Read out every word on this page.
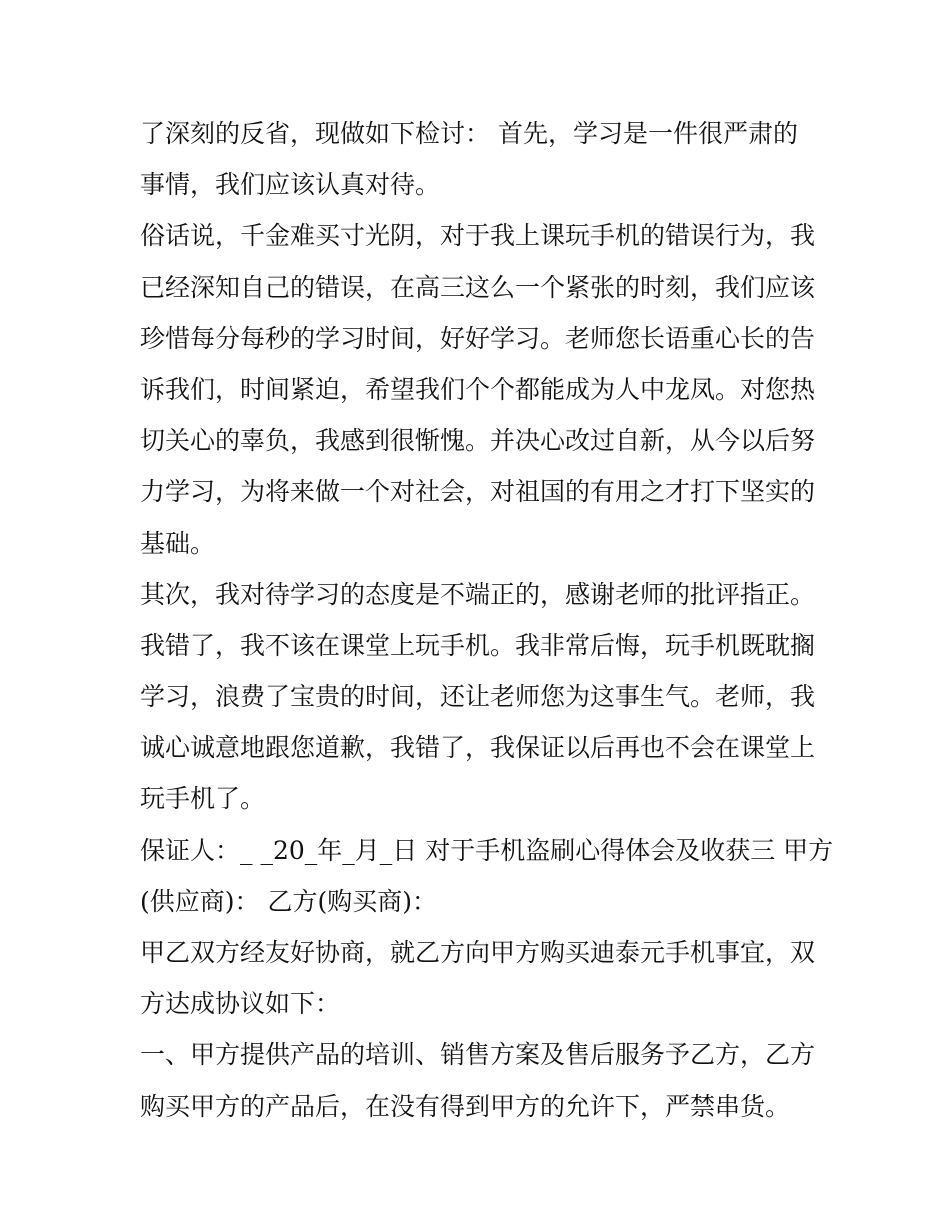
了深刻的反省，现做如下检讨： 首先，学习是一件很严肃的
事情，我们应该认真对待。
俗话说，千金难买寸光阴，对于我上课玩手机的错误行为，我
已经深知自己的错误，在高三这么一个紧张的时刻，我们应该
珍惜每分每秒的学习时间，好好学习。老师您长语重心长的告
诉我们，时间紧迫，希望我们个个都能成为人中龙凤。对您热
切关心的辜负，我感到很惭愧。并决心改过自新，从今以后努
力学习，为将来做一个对社会，对祖国的有用之才打下坚实的
基础。
其次，我对待学习的态度是不端正的，感谢老师的批评指正。
我错了，我不该在课堂上玩手机。我非常后悔，玩手机既耽搁
学习，浪费了宝贵的时间，还让老师您为这事生气。老师，我
诚心诚意地跟您道歉，我错了，我保证以后再也不会在课堂上
玩手机了。
保证人：_ _20_年_月_日 对于手机盗刷心得体会及收获三 甲方
(供应商)： 乙方(购买商)：
甲乙双方经友好协商，就乙方向甲方购买迪泰元手机事宜，双
方达成协议如下：
一、甲方提供产品的培训、销售方案及售后服务予乙方，乙方
购买甲方的产品后，在没有得到甲方的允许下，严禁串货。
